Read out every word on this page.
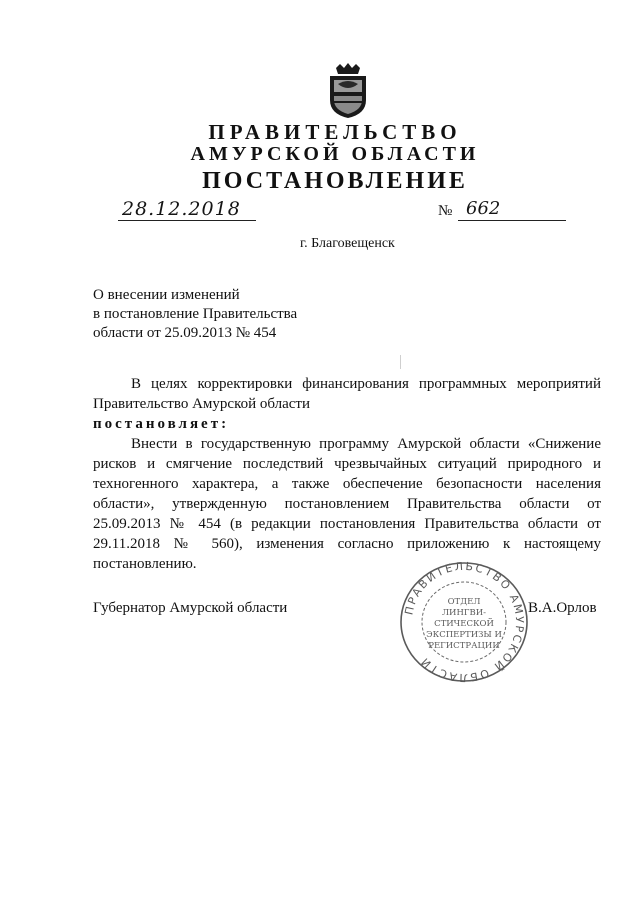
ПРАВИТЕЛЬСТВО
АМУРСКОЙ ОБЛАСТИ
ПОСТАНОВЛЕНИЕ
28.12.2018	№ 662
г. Благовещенск
О внесении изменений
в постановление Правительства
области от 25.09.2013 № 454

В целях корректировки финансирования программных мероприятий Правительство Амурской области

постановляет:

Внести в государственную программу Амурской области «Снижение рисков и смягчение последствий чрезвычайных ситуаций природного и техногенного характера, а также обеспечение безопасности населения области», утвержденную постановлением Правительства области от 25.09.2013 № 454 (в редакции постановления Правительства области от 29.11.2018 № 560), изменения согласно приложению к настоящему постановлению.

Губернатор Амурской области	ПРАВИТЕЛЬСТВО АМУРСКОЙ ОБЛАСТИ
ОТДЕЛ
ЛИНГВИ-
СТИЧЕСКОЙ
ЭКСПЕРТИЗЫ И
РЕГИСТРАЦИИ
В.А.Орлов
